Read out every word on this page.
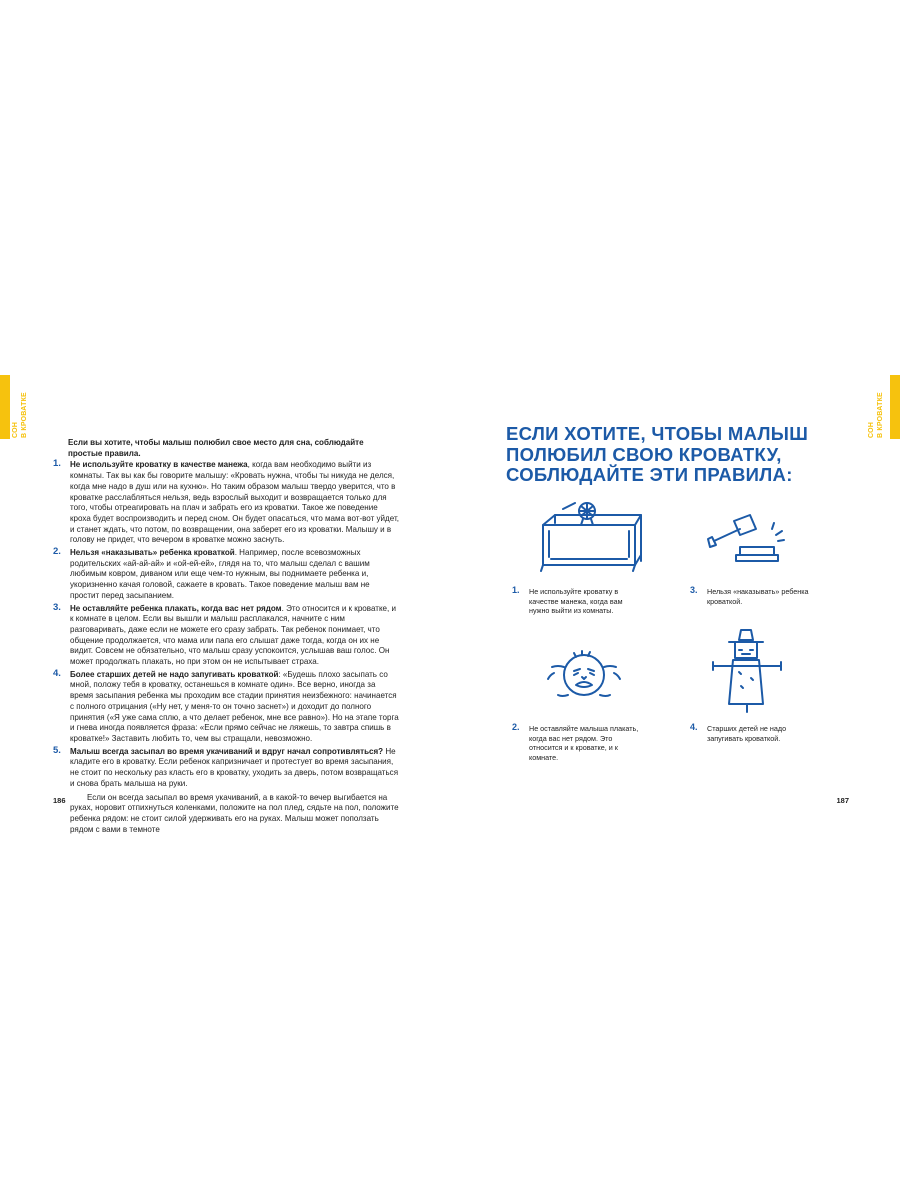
СОН В КРОВАТКЕ

Если вы хотите, чтобы малыш полюбил свое место для сна, соблюдайте простые правила.

1. Не используйте кроватку в качестве манежа, когда вам необходимо выйти из комнаты. Так вы как бы говорите малышу: «Кровать нужна, чтобы ты никуда не делся, когда мне надо в душ или на кухню». Но таким образом малыш твердо уверится, что в кроватке расслабляться нельзя, ведь взрослый выходит и возвращается только для того, чтобы отреагировать на плач и забрать его из кроватки. Такое же поведение кроха будет воспроизводить и перед сном. Он будет опасаться, что мама вот-вот уйдет, и станет ждать, что потом, по возвращении, она заберет его из кроватки. Малышу и в голову не придет, что вечером в кроватке можно заснуть.

2. Нельзя «наказывать» ребенка кроваткой. Например, после всевозможных родительских «ай-ай-ай» и «ой-ей-ей», глядя на то, что малыш сделал с вашим любимым ковром, диваном или еще чем-то нужным, вы поднимаете ребенка и, укоризненно качая головой, сажаете в кровать. Такое поведение малыш вам не простит перед засыпанием.

3. Не оставляйте ребенка плакать, когда вас нет рядом. Это относится и к кроватке, и к комнате в целом. Если вы вышли и малыш расплакался, начните с ним разговаривать, даже если не можете его сразу забрать. Так ребенок понимает, что общение продолжается, что мама или папа его слышат даже тогда, когда он их не видит. Совсем не обязательно, что малыш сразу успокоится, услышав ваш голос. Он может продолжать плакать, но при этом он не испытывает страха.

4. Более старших детей не надо запугивать кроваткой: «Будешь плохо засыпать со мной, положу тебя в кроватку, останешься в комнате один». Все верно, иногда за время засыпания ребенка мы проходим все стадии принятия неизбежного: начинается с полного отрицания («Ну нет, у меня-то он точно заснет») и доходит до полного принятия («Я уже сама сплю, а что делает ребенок, мне все равно»). Но на этапе торга и гнева иногда появляется фраза: «Если прямо сейчас не ляжешь, то завтра спишь в кроватке!» Заставить любить то, чем вы стращали, невозможно.

5. Малыш всегда засыпал во время укачиваний и вдруг начал сопротивляться? Не кладите его в кроватку. Если ребенок капризничает и протестует во время засыпания, не стоит по нескольку раз класть его в кроватку, уходить за дверь, потом возвращаться и снова брать малыша на руки.

Если он всегда засыпал во время укачиваний, а в какой-то вечер выгибается на руках, норовит отпихнуться коленками, положите на пол плед, сядьте на пол, положите ребенка рядом: не стоит силой удерживать его на руках. Малыш может поползать рядом с вами в темноте

186
СОН В КРОВАТКЕ
ЕСЛИ ХОТИТЕ, ЧТОБЫ МАЛЫШ ПОЛЮБИЛ СВОЮ КРОВАТКУ, СОБЛЮДАЙТЕ ЭТИ ПРАВИЛА:
1.	Не используйте кроватку в качестве манежа, когда вам нужно выйти из комнаты.
2.	Не оставляйте малыша плакать, когда вас нет рядом. Это относится и к кроватке, и к комнате.
3.	Нельзя «наказывать» ребенка кроваткой.
4.	Старших детей не надо запугивать кроваткой.
187
